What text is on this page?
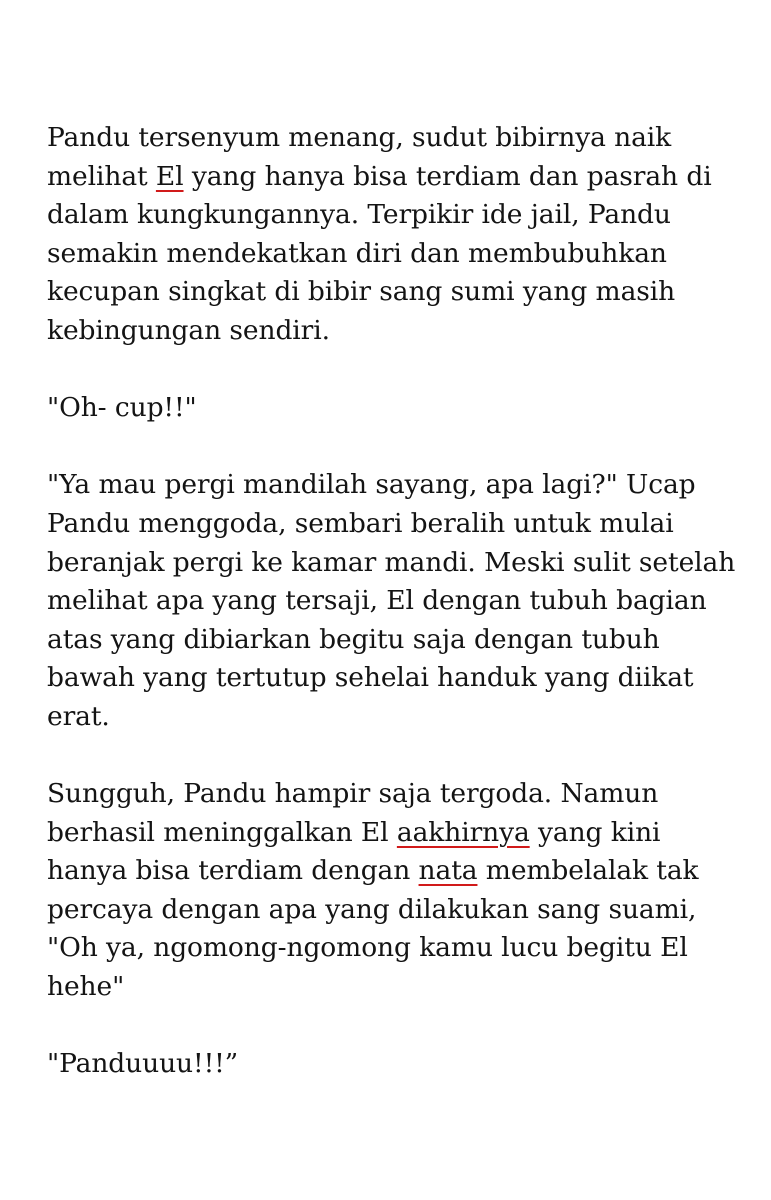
Pandu tersenyum menang, sudut bibirnya naik
melihat El yang hanya bisa terdiam dan pasrah di
dalam kungkungannya. Terpikir ide jail, Pandu
semakin mendekatkan diri dan membubuhkan
kecupan singkat di bibir sang sumi yang masih
kebingungan sendiri.
"Oh- cup!!"
"Ya mau pergi mandilah sayang, apa lagi?" Ucap
Pandu menggoda, sembari beralih untuk mulai
beranjak pergi ke kamar mandi. Meski sulit setelah
melihat apa yang tersaji, El dengan tubuh bagian
atas yang dibiarkan begitu saja dengan tubuh
bawah yang tertutup sehelai handuk yang diikat
erat.
Sungguh, Pandu hampir saja tergoda. Namun
berhasil meninggalkan El aakhirnya yang kini
hanya bisa terdiam dengan nata membelalak tak
percaya dengan apa yang dilakukan sang suami,
"Oh ya, ngomong-ngomong kamu lucu begitu El
hehe"
"Panduuuu!!!”
